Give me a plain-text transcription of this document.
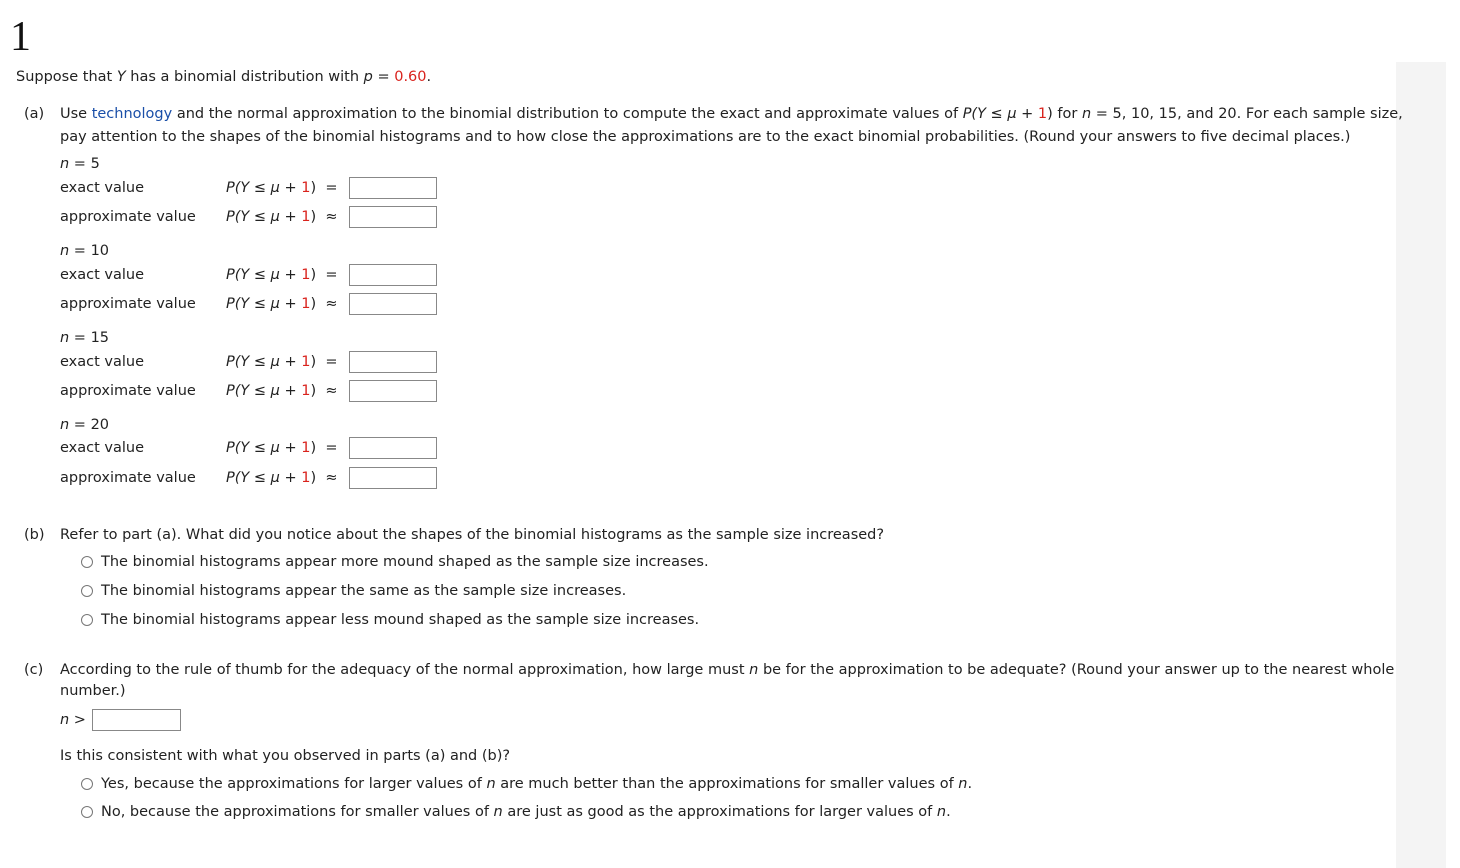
1
Suppose that Y has a binomial distribution with p = 0.60.
(a) Use technology and the normal approximation to the binomial distribution to compute the exact and approximate values of P(Y ≤ μ + 1) for n = 5, 10, 15, and 20. For each sample size,
pay attention to the shapes of the binomial histograms and to how close the approximations are to the exact binomial probabilities. (Round your answers to five decimal places.)
n = 5
exact value	P(Y ≤ μ + 1) =
approximate value P(Y ≤ μ + 1) ≈
n = 10
exact value	P(Y ≤ μ + 1) =
approximate value P(Y ≤ μ + 1) ≈
n = 15
exact value	P(Y ≤ μ + 1) =
approximate value P(Y ≤ μ + 1) ≈
n = 20
exact value	P(Y ≤ μ + 1) =
approximate value P(Y ≤ μ + 1) ≈
(b) Refer to part (a). What did you notice about the shapes of the binomial histograms as the sample size increased?
The binomial histograms appear more mound shaped as the sample size increases.
The binomial histograms appear the same as the sample size increases.
The binomial histograms appear less mound shaped as the sample size increases.
(c) According to the rule of thumb for the adequacy of the normal approximation, how large must n be for the approximation to be adequate? (Round your answer up to the nearest whole
number.)
n >
Is this consistent with what you observed in parts (a) and (b)?
Yes, because the approximations for larger values of n are much better than the approximations for smaller values of n.
No, because the approximations for smaller values of n are just as good as the approximations for larger values of n.
